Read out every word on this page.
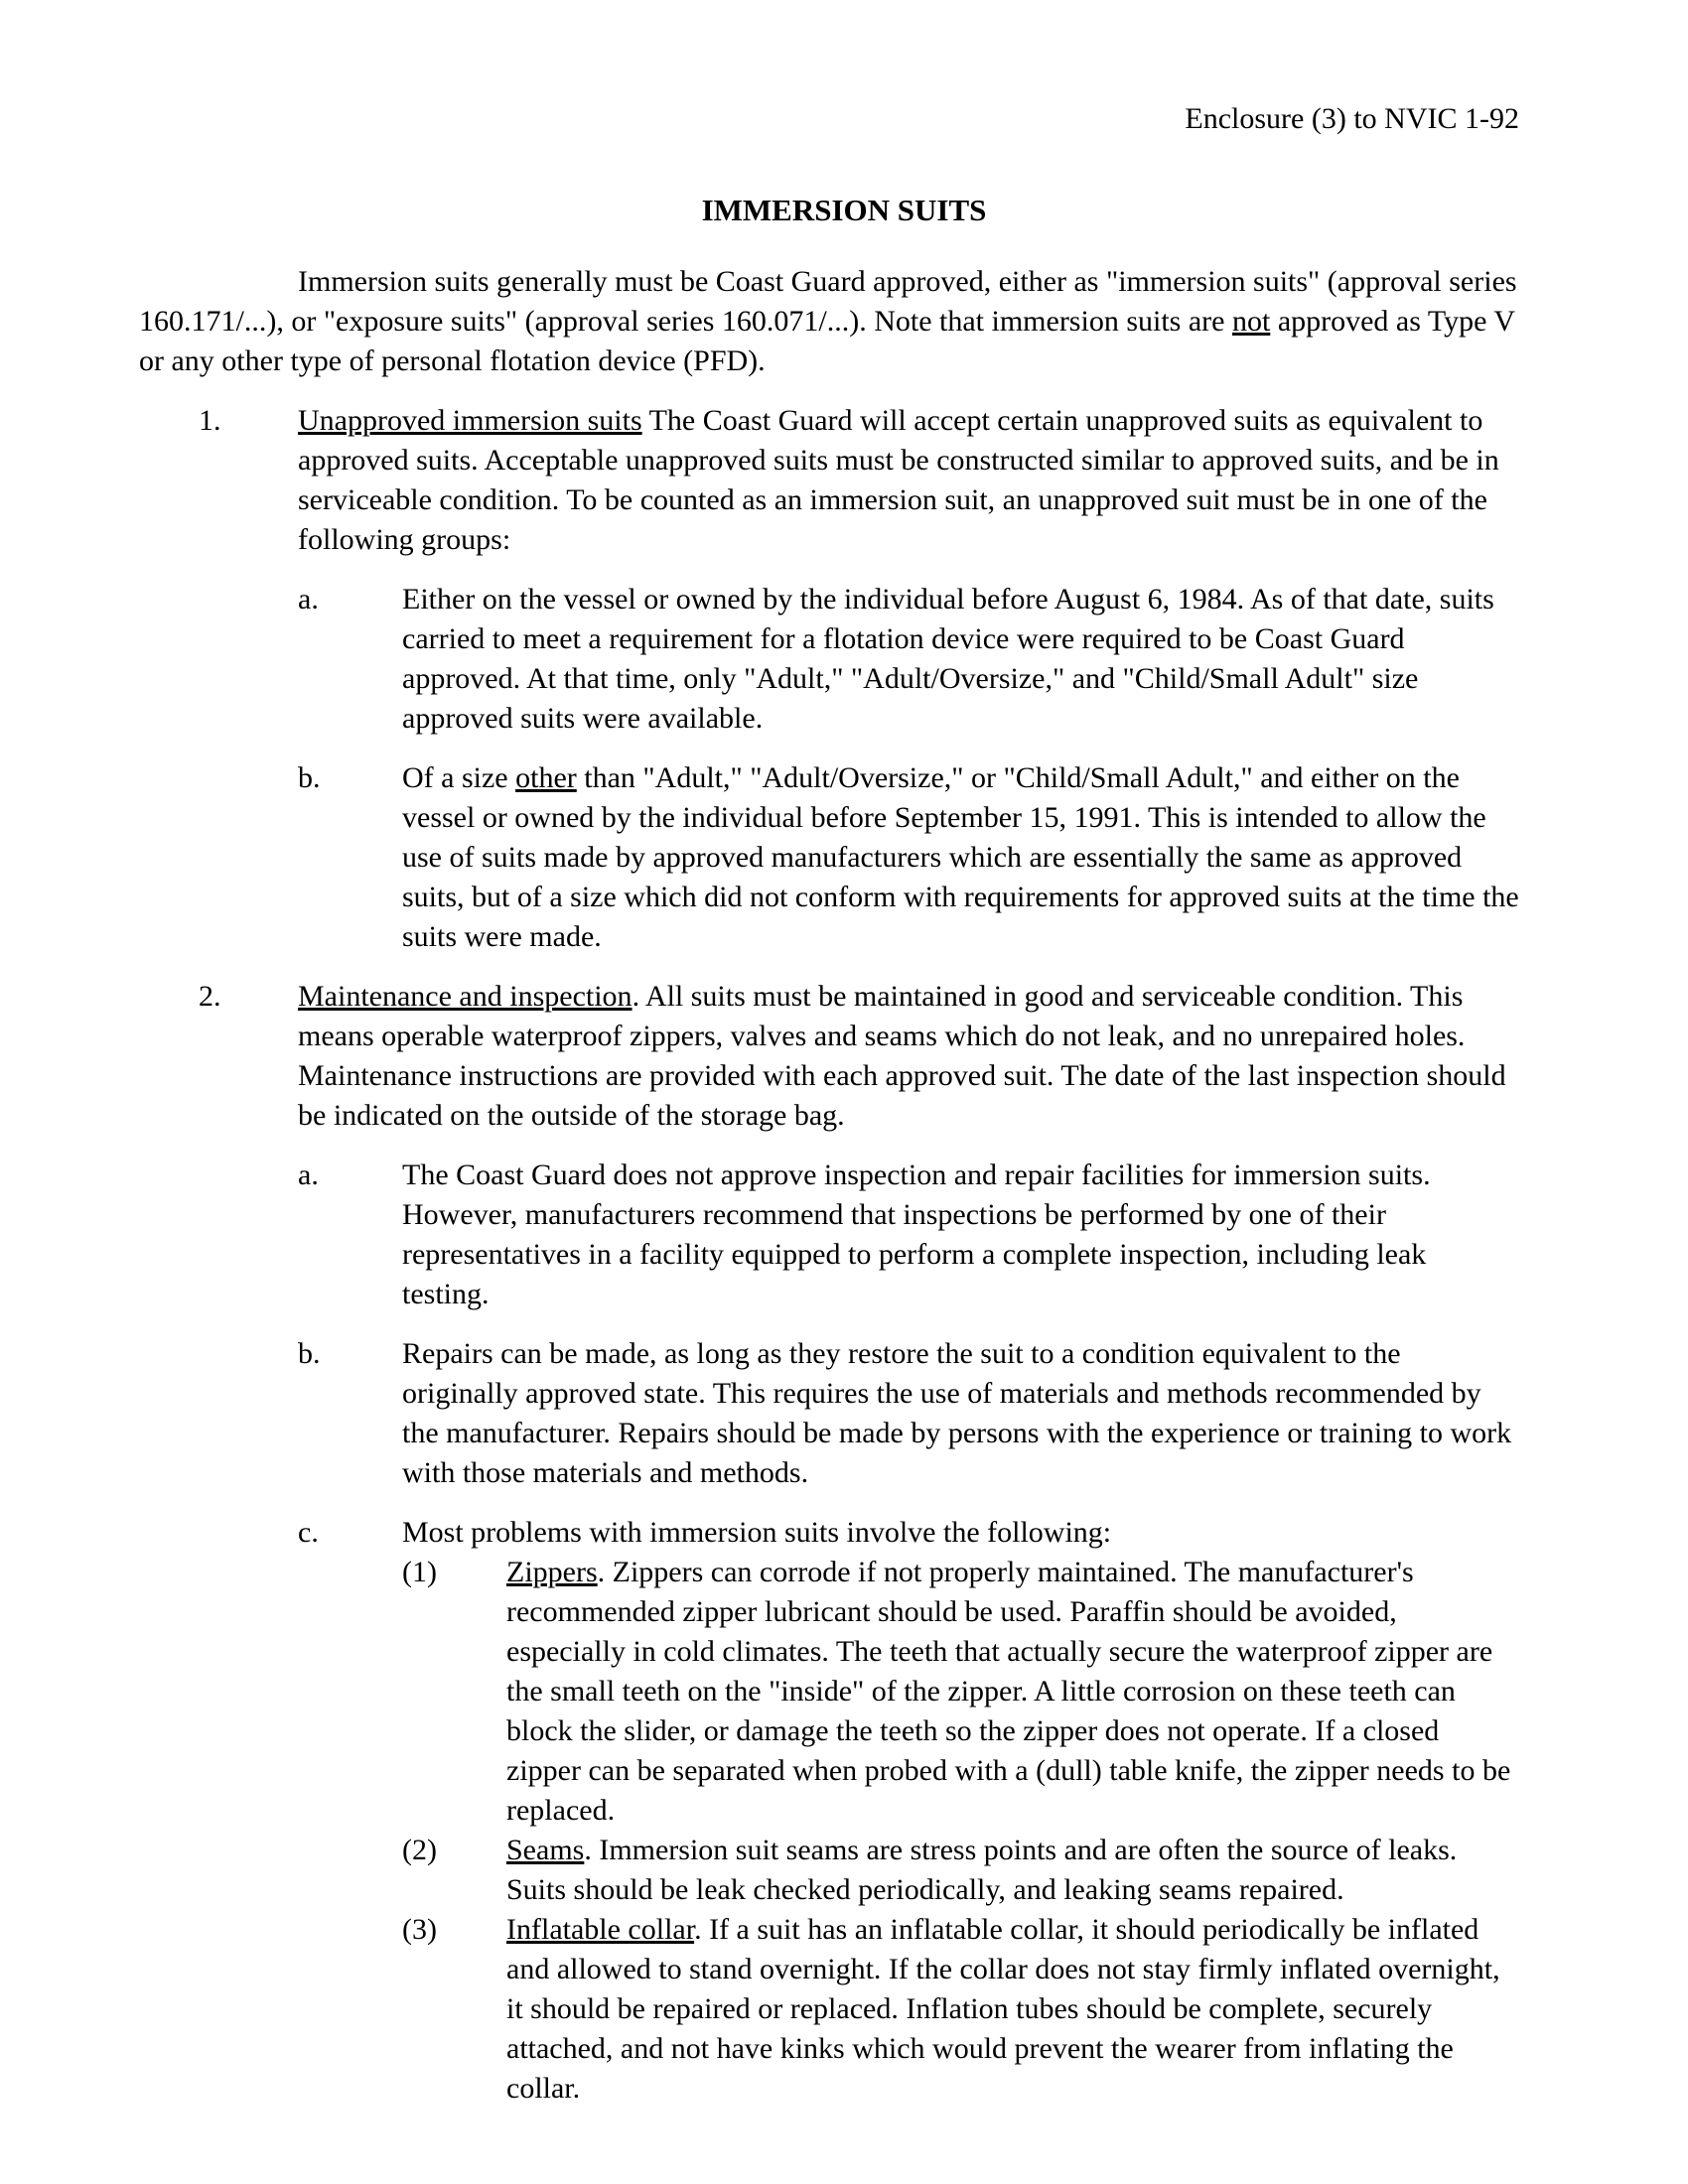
Enclosure (3) to NVIC 1-92
IMMERSION SUITS

Immersion suits generally must be Coast Guard approved, either as "immersion suits" (approval series 160.171/...), or "exposure suits" (approval series 160.071/...). Note that immersion suits are not approved as Type V or any other type of personal flotation device (PFD).

1.	Unapproved immersion suits The Coast Guard will accept certain unapproved suits as equivalent to approved suits. Acceptable unapproved suits must be constructed similar to approved suits, and be in serviceable condition. To be counted as an immersion suit, an unapproved suit must be in one of the following groups:
a.	Either on the vessel or owned by the individual before August 6, 1984. As of that date, suits carried to meet a requirement for a flotation device were required to be Coast Guard approved. At that time, only "Adult," "Adult/Oversize," and "Child/Small Adult" size approved suits were available.
b.	Of a size other than "Adult," "Adult/Oversize," or "Child/Small Adult," and either on the vessel or owned by the individual before September 15, 1991. This is intended to allow the use of suits made by approved manufacturers which are essentially the same as approved suits, but of a size which did not conform with requirements for approved suits at the time the suits were made.
2.	Maintenance and inspection. All suits must be maintained in good and serviceable condition. This means operable waterproof zippers, valves and seams which do not leak, and no unrepaired holes. Maintenance instructions are provided with each approved suit. The date of the last inspection should be indicated on the outside of the storage bag.
a.	The Coast Guard does not approve inspection and repair facilities for immersion suits. However, manufacturers recommend that inspections be performed by one of their representatives in a facility equipped to perform a complete inspection, including leak testing.
b.	Repairs can be made, as long as they restore the suit to a condition equivalent to the originally approved state. This requires the use of materials and methods recommended by the manufacturer. Repairs should be made by persons with the experience or training to work with those materials and methods.
c.	Most problems with immersion suits involve the following:
(1)	Zippers. Zippers can corrode if not properly maintained. The manufacturer's recommended zipper lubricant should be used. Paraffin should be avoided, especially in cold climates. The teeth that actually secure the waterproof zipper are the small teeth on the "inside" of the zipper. A little corrosion on these teeth can block the slider, or damage the teeth so the zipper does not operate. If a closed zipper can be separated when probed with a (dull) table knife, the zipper needs to be replaced.
(2)	Seams. Immersion suit seams are stress points and are often the source of leaks. Suits should be leak checked periodically, and leaking seams repaired.
(3)	Inflatable collar. If a suit has an inflatable collar, it should periodically be inflated and allowed to stand overnight. If the collar does not stay firmly inflated overnight, it should be repaired or replaced. Inflation tubes should be complete, securely attached, and not have kinks which would prevent the wearer from inflating the collar.
